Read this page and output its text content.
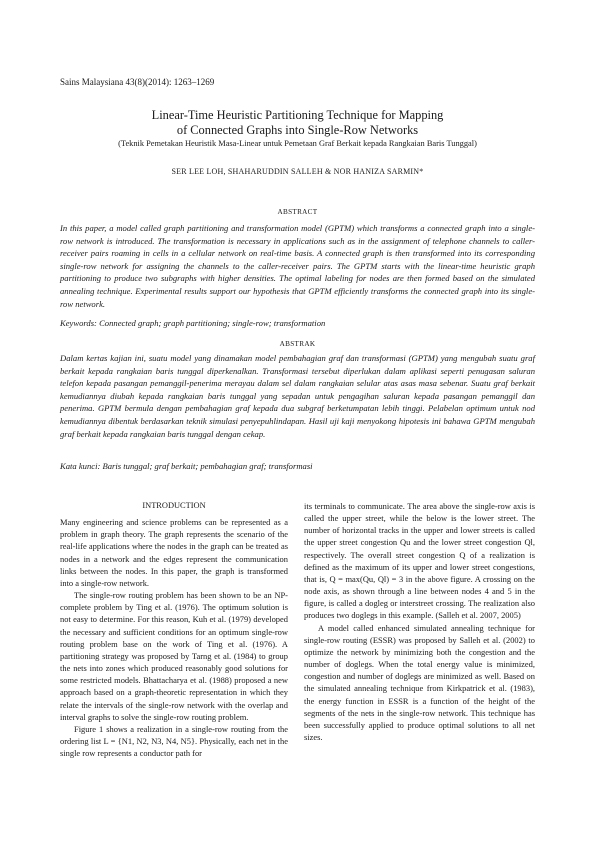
Sains Malaysiana 43(8)(2014): 1263–1269
Linear-Time Heuristic Partitioning Technique for Mapping
of Connected Graphs into Single-Row Networks
(Teknik Pemetakan Heuristik Masa-Linear untuk Pemetaan Graf Berkait kepada Rangkaian Baris Tunggal)
SER LEE LOH, SHAHARUDDIN SALLEH & NOR HANIZA SARMIN*
ABSTRACT

In this paper, a model called graph partitioning and transformation model (GPTM) which transforms a connected graph into a single-row network is introduced. The transformation is necessary in applications such as in the assignment of telephone channels to caller-receiver pairs roaming in cells in a cellular network on real-time basis. A connected graph is then transformed into its corresponding single-row network for assigning the channels to the caller-receiver pairs. The GPTM starts with the linear-time heuristic graph partitioning to produce two subgraphs with higher densities. The optimal labeling for nodes are then formed based on the simulated annealing technique. Experimental results support our hypothesis that GPTM efficiently transforms the connected graph into its single-row network.

Keywords: Connected graph; graph partitioning; single-row; transformation

ABSTRAK

Dalam kertas kajian ini, suatu model yang dinamakan model pembahagian graf dan transformasi (GPTM) yang mengubah suatu graf berkait kepada rangkaian baris tunggal diperkenalkan. Transformasi tersebut diperlukan dalam aplikasi seperti penugasan saluran telefon kepada pasangan pemanggil-penerima merayau dalam sel dalam rangkaian selular atas asas masa sebenar. Suatu graf berkait kemudiannya diubah kepada rangkaian baris tunggal yang sepadan untuk pengagihan saluran kepada pasangan pemanggil dan penerima. GPTM bermula dengan pembahagian graf kepada dua subgraf berketumpatan lebih tinggi. Pelabelan optimum untuk nod kemudiannya dibentuk berdasarkan teknik simulasi penyepuhlindapan. Hasil uji kaji menyokong hipotesis ini bahawa GPTM mengubah graf berkait kepada rangkaian baris tunggal dengan cekap.

Kata kunci: Baris tunggal; graf berkait; pembahagian graf; transformasi

INTRODUCTION

Many engineering and science problems can be represented as a problem in graph theory. The graph represents the scenario of the real-life applications where the nodes in the graph can be treated as nodes in a network and the edges represent the communication links between the nodes. In this paper, the graph is transformed into a single-row network.

The single-row routing problem has been shown to be an NP-complete problem by Ting et al. (1976). The optimum solution is not easy to determine. For this reason, Kuh et al. (1979) developed the necessary and sufficient conditions for an optimum single-row routing problem base on the work of Ting et al. (1976). A partitioning strategy was proposed by Tarng et al. (1984) to group the nets into zones which produced reasonably good solutions for some restricted models. Bhattacharya et al. (1988) proposed a new approach based on a graph-theoretic representation in which they relate the intervals of the single-row network with the overlap and interval graphs to solve the single-row routing problem.

Figure 1 shows a realization in a single-row routing from the ordering list L = {N1, N2, N3, N4, N5}. Physically, each net in the single row represents a conductor path for

its terminals to communicate. The area above the single-row axis is called the upper street, while the below is the lower street. The number of horizontal tracks in the upper and lower streets is called the upper street congestion Qu and the lower street congestion Ql, respectively. The overall street congestion Q of a realization is defined as the maximum of its upper and lower street congestions, that is, Q = max(Qu, Ql) = 3 in the above figure. A crossing on the node axis, as shown through a line between nodes 4 and 5 in the figure, is called a dogleg or interstreet crossing. The realization also produces two doglegs in this example. (Salleh et al. 2007, 2005)

A model called enhanced simulated annealing technique for single-row routing (ESSR) was proposed by Salleh et al. (2002) to optimize the network by minimizing both the congestion and the number of doglegs. When the total energy value is minimized, congestion and number of doglegs are minimized as well. Based on the simulated annealing technique from Kirkpatrick et al. (1983), the energy function in ESSR is a function of the height of the segments of the nets in the single-row network. This technique has been successfully applied to produce optimal solutions to all net sizes.
